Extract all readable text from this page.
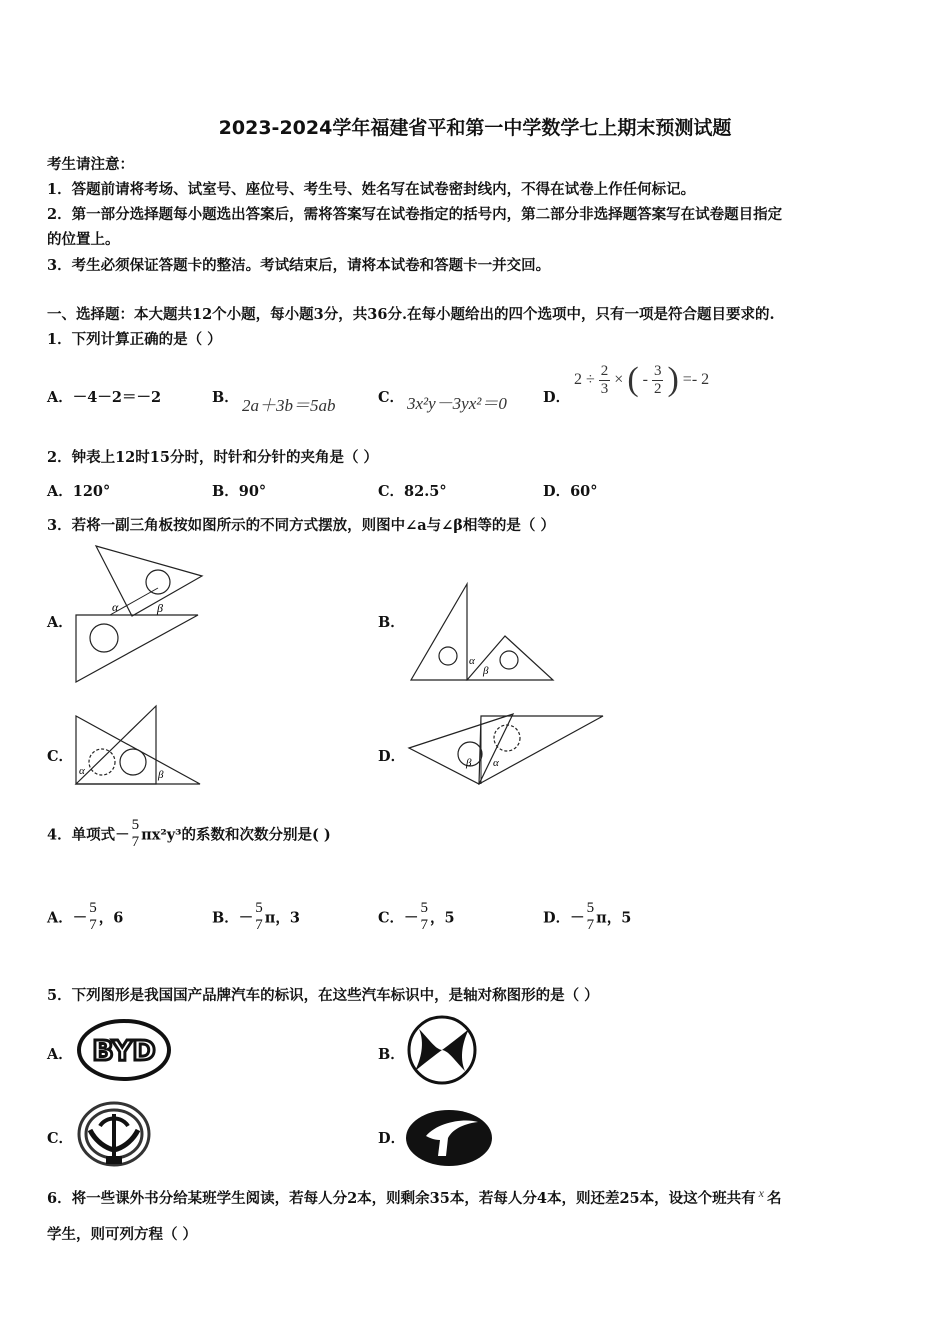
2023-2024学年福建省平和第一中学数学七上期末预测试题
考生请注意：
1．答题前请将考场、试室号、座位号、考生号、姓名写在试卷密封线内，不得在试卷上作任何标记。
2．第一部分选择题每小题选出答案后，需将答案写在试卷指定的括号内，第二部分非选择题答案写在试卷题目指定
的位置上。
3．考生必须保证答题卡的整洁。考试结束后，请将本试卷和答题卡一并交回。
一、选择题：本大题共12个小题，每小题3分，共36分.在每小题给出的四个选项中，只有一项是符合题目要求的.
1．下列计算正确的是（ ）
A．－4－2＝－2	B． 2a＋3b＝5ab	C． 3x²y－3yx²＝0 D．
$2 \div \frac{2}{3}$ × ( - $\frac{3}{2}$ ) =- 2
2．钟表上12时15分时，时针和分针的夹角是（ ）
A．120°	B．90°	C．82.5°	D．60°
3．若将一副三角板按如图所示的不同方式摆放，则图中∠a与∠β相等的是（ ）
A．	B．
C．	D．
α	β
α
β
α	β
β α
4．单项式－
5
7 πx²y³的系数和次数分别是( )
A．－
5
7 ，6	B．－
5
7 π，3	C．－
5
7 ，5	D．－
5
7 π，5
5．下列图形是我国国产品牌汽车的标识，在这些汽车标识中，是轴对称图形的是（ ）
A．	B．
C．	D．
BYD
6．将一些课外书分给某班学生阅读，若每人分2本，则剩余35本，若每人分4本，则还差25本，设这个班共有 $^x$ 名
学生，则可列方程（ ）
